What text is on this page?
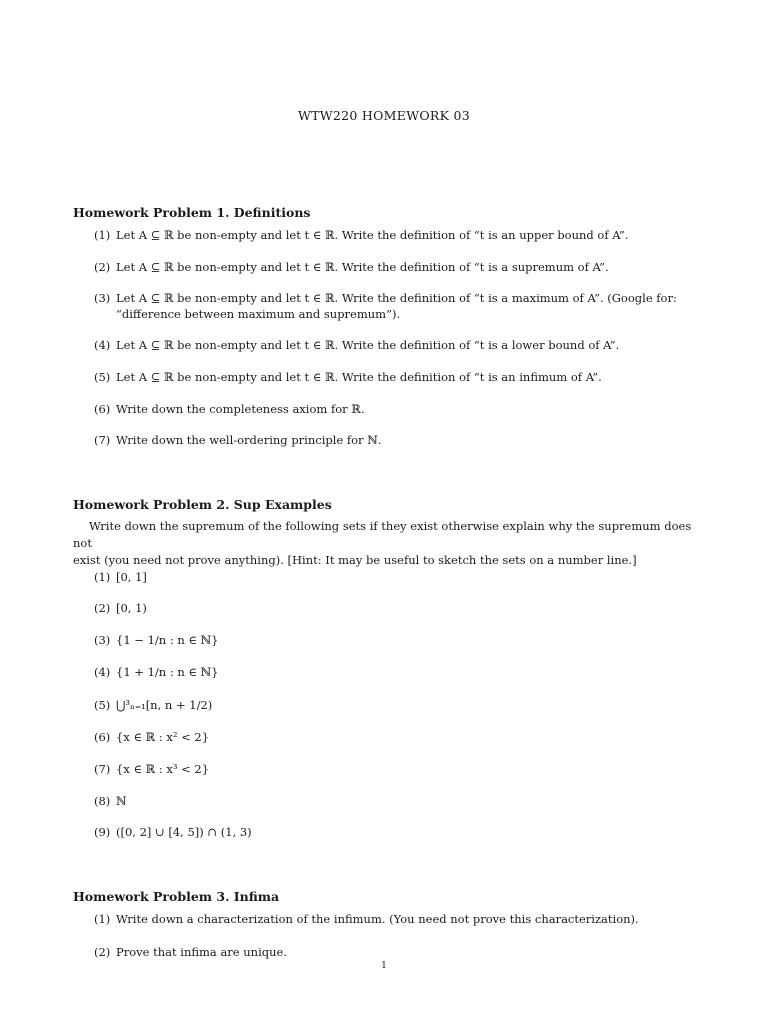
WTW220 HOMEWORK 03
Homework Problem 1. Definitions
(1) Let A ⊆ ℝ be non-empty and let t ∈ ℝ. Write the definition of “t is an upper bound of A”.
(2) Let A ⊆ ℝ be non-empty and let t ∈ ℝ. Write the definition of “t is a supremum of A”.
(3) Let A ⊆ ℝ be non-empty and let t ∈ ℝ. Write the definition of “t is a maximum of A”. (Google for:
“difference between maximum and supremum”).
(4) Let A ⊆ ℝ be non-empty and let t ∈ ℝ. Write the definition of “t is a lower bound of A”.
(5) Let A ⊆ ℝ be non-empty and let t ∈ ℝ. Write the definition of “t is an infimum of A”.
(6) Write down the completeness axiom for ℝ.
(7) Write down the well-ordering principle for ℕ.
Homework Problem 2. Sup Examples
Write down the supremum of the following sets if they exist otherwise explain why the supremum does not
exist (you need not prove anything). [Hint: It may be useful to sketch the sets on a number line.]
(1) [0, 1]
(2) [0, 1)
(3) {1 − 1/n : n ∈ ℕ}
(4) {1 + 1/n : n ∈ ℕ}
(5) ⋃³ₙ₌₁[n, n + 1/2)
(6) {x ∈ ℝ : x² < 2}
(7) {x ∈ ℝ : x³ < 2}
(8) ℕ
(9) ([0, 2] ∪ [4, 5]) ∩ (1, 3)
Homework Problem 3. Infima
(1) Write down a characterization of the infimum. (You need not prove this characterization).
(2) Prove that infima are unique.
1
